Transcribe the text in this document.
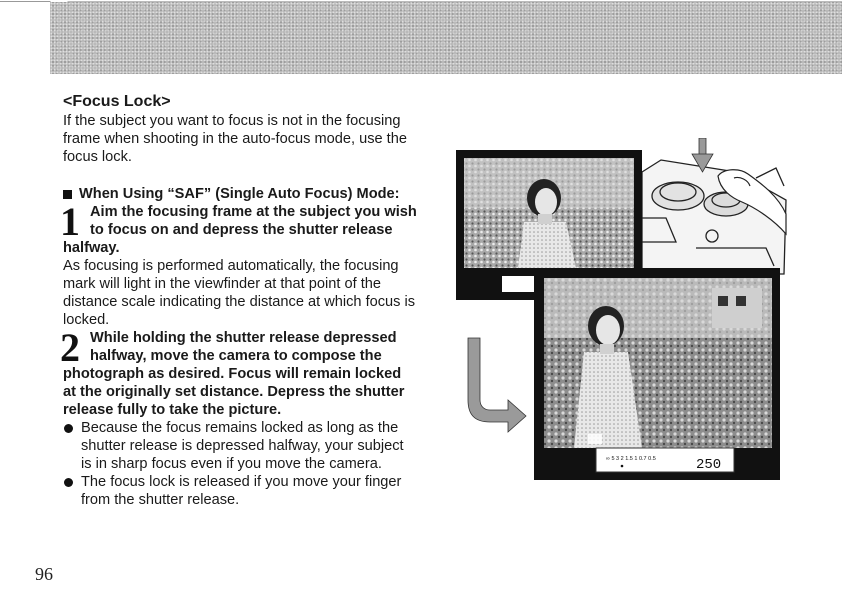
<Focus Lock>

If the subject you want to focus is not in the focusing frame when shooting in the auto-focus mode, use the focus lock.

When Using “SAF” (Single Auto Focus) Mode:

1 Aim the focusing frame at the subject you wish to focus on and depress the shutter release halfway.

As focusing is performed automatically, the focusing mark will light in the viewfinder at that point of the distance scale indicating the distance at which focus is locked.

2 While holding the shutter release depressed halfway, move the camera to compose the photograph as desired. Focus will remain locked at the originally set distance. Depress the shutter release fully to take the picture.

Because the focus remains locked as long as the shutter release is depressed halfway, your subject is in sharp focus even if you move the camera.
The focus lock is released if you move your finger from the shutter release.
96
∞ 5 3 2 1.5 1 0.7 0.5	250
